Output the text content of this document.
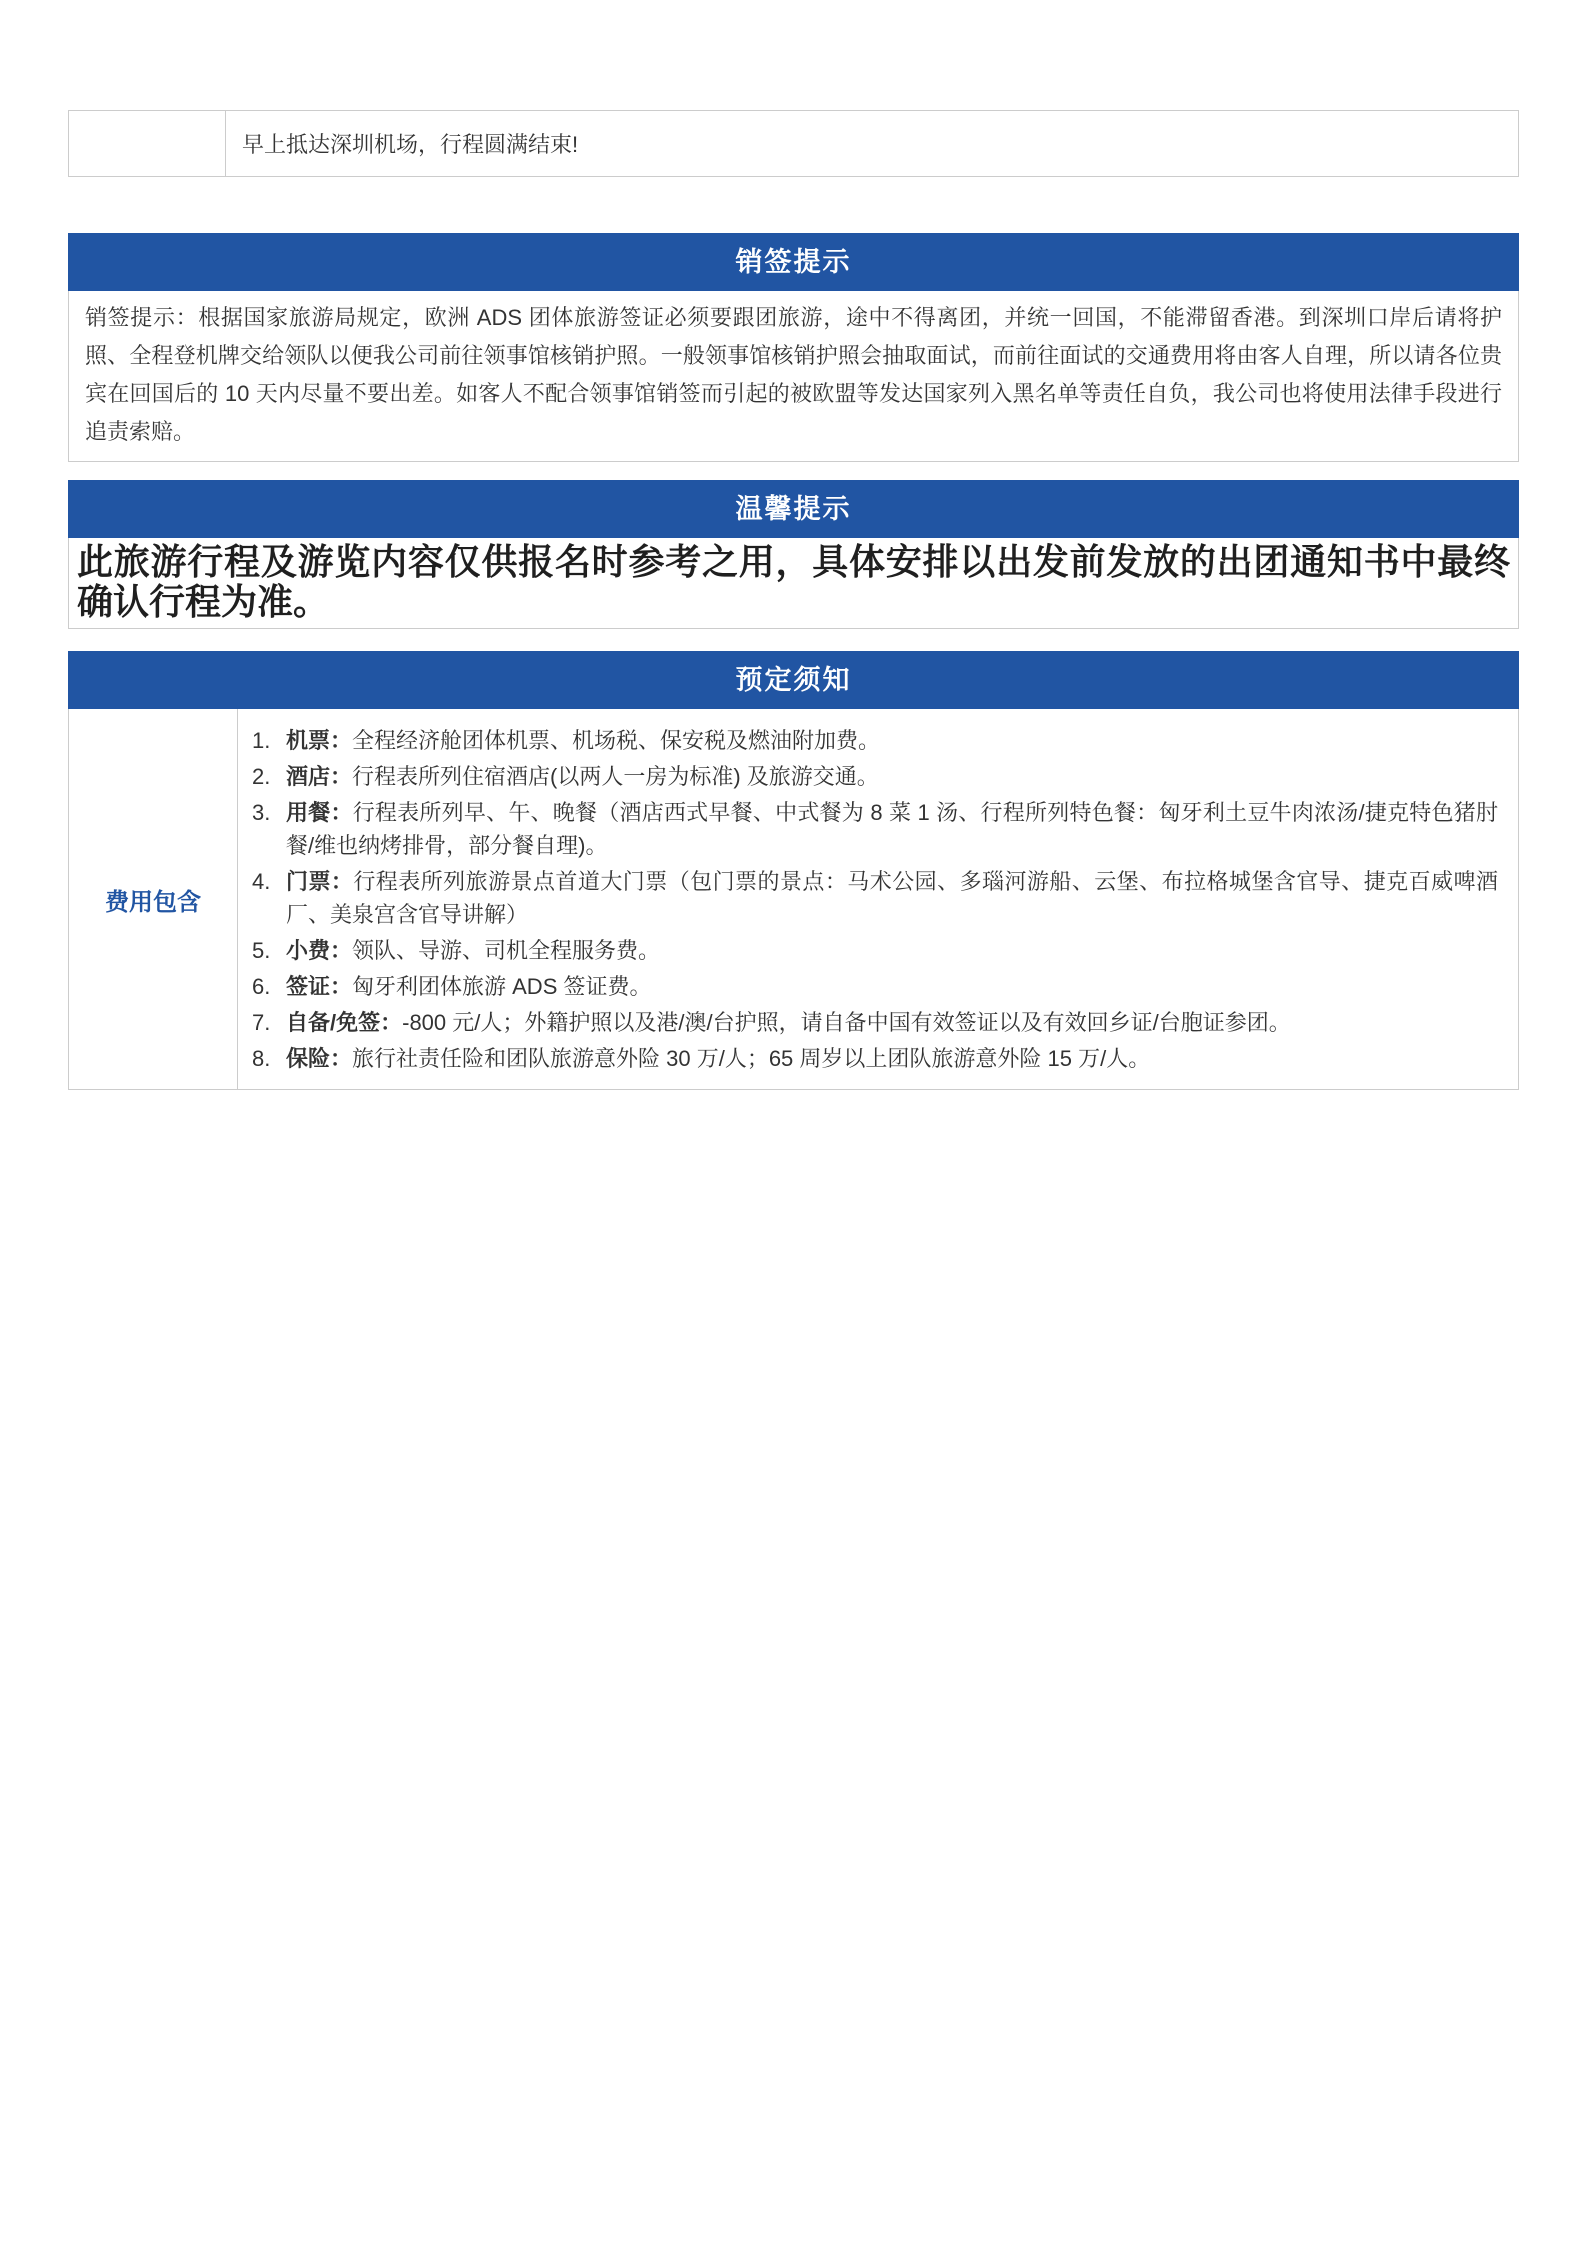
早上抵达深圳机场，行程圆满结束!
销签提示
销签提示：根据国家旅游局规定，欧洲 ADS 团体旅游签证必须要跟团旅游，途中不得离团，并统一回国，不能滞留香港。到深圳口岸后请将护照、全程登机牌交给领队以便我公司前往领事馆核销护照。一般领事馆核销护照会抽取面试，而前往面试的交通费用将由客人自理，所以请各位贵宾在回国后的 10 天内尽量不要出差。如客人不配合领事馆销签而引起的被欧盟等发达国家列入黑名单等责任自负，我公司也将使用法律手段进行追责索赔。
温馨提示
此旅游行程及游览内容仅供报名时参考之用，具体安排以出发前发放的出团通知书中最终确认行程为准。
预定须知
费用包含
1. 机票：全程经济舱团体机票、机场税、保安税及燃油附加费。
2. 酒店：行程表所列住宿酒店(以两人一房为标准) 及旅游交通。
3. 用餐：行程表所列早、午、晚餐（酒店西式早餐、中式餐为 8 菜 1 汤、行程所列特色餐：匈牙利土豆牛肉浓汤/捷克特色猪肘餐/维也纳烤排骨，部分餐自理)。
4. 门票：行程表所列旅游景点首道大门票（包门票的景点：马术公园、多瑙河游船、云堡、布拉格城堡含官导、捷克百威啤酒厂、美泉宫含官导讲解）
5. 小费：领队、导游、司机全程服务费。
6. 签证：匈牙利团体旅游 ADS 签证费。
7. 自备/免签：-800 元/人；外籍护照以及港/澳/台护照，请自备中国有效签证以及有效回乡证/台胞证参团。
8. 保险：旅行社责任险和团队旅游意外险 30 万/人；65 周岁以上团队旅游意外险 15 万/人。
